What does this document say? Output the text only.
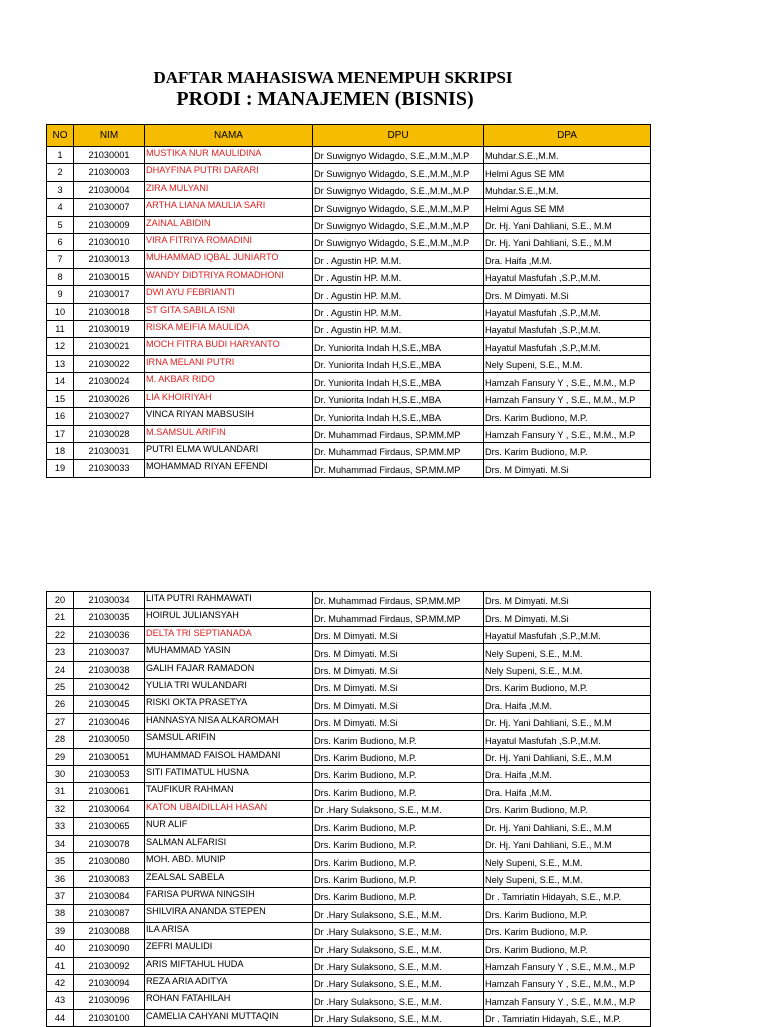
DAFTAR MAHASISWA MENEMPUH SKRIPSI
PRODI : MANAJEMEN (BISNIS)
NO	NIM	NAMA	DPU	DPA
1	21030001	MUSTIKA NUR MAULIDINA	Dr Suwignyo Widagdo, S.E.,M.M.,M.P	Muhdar.S.E.,M.M.
2	21030003	DHAYFINA PUTRI DARARI	Dr Suwignyo Widagdo, S.E.,M.M.,M.P	Helmi Agus SE MM
3	21030004	ZIRA MULYANI	Dr Suwignyo Widagdo, S.E.,M.M.,M.P	Muhdar.S.E.,M.M.
4	21030007	ARTHA LIANA MAULIA SARI	Dr Suwignyo Widagdo, S.E.,M.M.,M.P	Helmi Agus SE MM
5	21030009	ZAINAL ABIDIN	Dr Suwignyo Widagdo, S.E.,M.M.,M.P	Dr. Hj. Yani Dahliani, S.E., M.M
6	21030010	VIRA FITRIYA ROMADINI	Dr Suwignyo Widagdo, S.E.,M.M.,M.P	Dr. Hj. Yani Dahliani, S.E., M.M
7	21030013	MUHAMMAD IQBAL JUNIARTO	Dr . Agustin HP. M.M.	Dra. Haifa ,M.M.
8	21030015	WANDY DIDTRIYA ROMADHONI	Dr . Agustin HP. M.M.	Hayatul Masfufah ,S.P.,M.M.
9	21030017	DWI AYU FEBRIANTI	Dr . Agustin HP. M.M.	Drs. M Dimyati. M.Si
10	21030018	ST GITA SABILA ISNI	Dr . Agustin HP. M.M.	Hayatul Masfufah ,S.P.,M.M.
11	21030019	RISKA MEIFIA MAULIDA	Dr . Agustin HP. M.M.	Hayatul Masfufah ,S.P.,M.M.
12	21030021	MOCH FITRA BUDI HARYANTO	Dr. Yuniorita Indah H,S.E.,MBA	Hayatul Masfufah ,S.P.,M.M.
13	21030022	IRNA MELANI PUTRI	Dr. Yuniorita Indah H,S.E.,MBA	Nely Supeni, S.E., M.M.
14	21030024	M. AKBAR RIDO	Dr. Yuniorita Indah H,S.E.,MBA	Hamzah Fansury Y , S.E., M.M., M.P
15	21030026	LIA KHOIRIYAH	Dr. Yuniorita Indah H,S.E.,MBA	Hamzah Fansury Y , S.E., M.M., M.P
16	21030027	VINCA RIYAN MABSUSIH	Dr. Yuniorita Indah H,S.E.,MBA	Drs. Karim Budiono, M.P.
17	21030028	M.SAMSUL ARIFIN	Dr. Muhammad Firdaus, SP.MM.MP	Hamzah Fansury Y , S.E., M.M., M.P
18	21030031	PUTRI ELMA WULANDARI	Dr. Muhammad Firdaus, SP.MM.MP	Drs. Karim Budiono, M.P.
19	21030033	MOHAMMAD RIYAN EFENDI	Dr. Muhammad Firdaus, SP.MM.MP	Drs. M Dimyati. M.Si
20	21030034	LITA PUTRI RAHMAWATI	Dr. Muhammad Firdaus, SP.MM.MP	Drs. M Dimyati. M.Si
21	21030035	HOIRUL JULIANSYAH	Dr. Muhammad Firdaus, SP.MM.MP	Drs. M Dimyati. M.Si
22	21030036	DELTA TRI SEPTIANADA	Drs. M Dimyati. M.Si	Hayatul Masfufah ,S.P.,M.M.
23	21030037	MUHAMMAD YASIN	Drs. M Dimyati. M.Si	Nely Supeni, S.E., M.M.
24	21030038	GALIH FAJAR RAMADON	Drs. M Dimyati. M.Si	Nely Supeni, S.E., M.M.
25	21030042	YULIA TRI WULANDARI	Drs. M Dimyati. M.Si	Drs. Karim Budiono, M.P.
26	21030045	RISKI OKTA PRASETYA	Drs. M Dimyati. M.Si	Dra. Haifa ,M.M.
27	21030046	HANNASYA NISA ALKAROMAH	Drs. M Dimyati. M.Si	Dr. Hj. Yani Dahliani, S.E., M.M
28	21030050	SAMSUL ARIFIN	Drs. Karim Budiono, M.P.	Hayatul Masfufah ,S.P.,M.M.
29	21030051	MUHAMMAD FAISOL HAMDANI	Drs. Karim Budiono, M.P.	Dr. Hj. Yani Dahliani, S.E., M.M
30	21030053	SITI FATIMATUL HUSNA	Drs. Karim Budiono, M.P.	Dra. Haifa ,M.M.
31	21030061	TAUFIKUR RAHMAN	Drs. Karim Budiono, M.P.	Dra. Haifa ,M.M.
32	21030064	KATON UBAIDILLAH HASAN	Dr .Hary Sulaksono, S.E., M.M.	Drs. Karim Budiono, M.P.
33	21030065	NUR ALIF	Drs. Karim Budiono, M.P.	Dr. Hj. Yani Dahliani, S.E., M.M
34	21030078	SALMAN ALFARISI	Drs. Karim Budiono, M.P.	Dr. Hj. Yani Dahliani, S.E., M.M
35	21030080	MOH. ABD. MUNIP	Drs. Karim Budiono, M.P.	Nely Supeni, S.E., M.M.
36	21030083	ZEALSAL SABELA	Drs. Karim Budiono, M.P.	Nely Supeni, S.E., M.M.
37	21030084	FARISA PURWA NINGSIH	Drs. Karim Budiono, M.P.	Dr . Tamriatin Hidayah, S.E., M.P.
38	21030087	SHILVIRA ANANDA STEPEN	Dr .Hary Sulaksono, S.E., M.M.	Drs. Karim Budiono, M.P.
39	21030088	ILA ARISA	Dr .Hary Sulaksono, S.E., M.M.	Drs. Karim Budiono, M.P.
40	21030090	ZEFRI MAULIDI	Dr .Hary Sulaksono, S.E., M.M.	Drs. Karim Budiono, M.P.
41	21030092	ARIS MIFTAHUL HUDA	Dr .Hary Sulaksono, S.E., M.M.	Hamzah Fansury Y , S.E., M.M., M.P
42	21030094	REZA ARIA ADITYA	Dr .Hary Sulaksono, S.E., M.M.	Hamzah Fansury Y , S.E., M.M., M.P
43	21030096	ROHAN FATAHILAH	Dr .Hary Sulaksono, S.E., M.M.	Hamzah Fansury Y , S.E., M.M., M.P
44	21030100	CAMELIA CAHYANI MUTTAQIN	Dr .Hary Sulaksono, S.E., M.M.	Dr . Tamriatin Hidayah, S.E., M.P.
